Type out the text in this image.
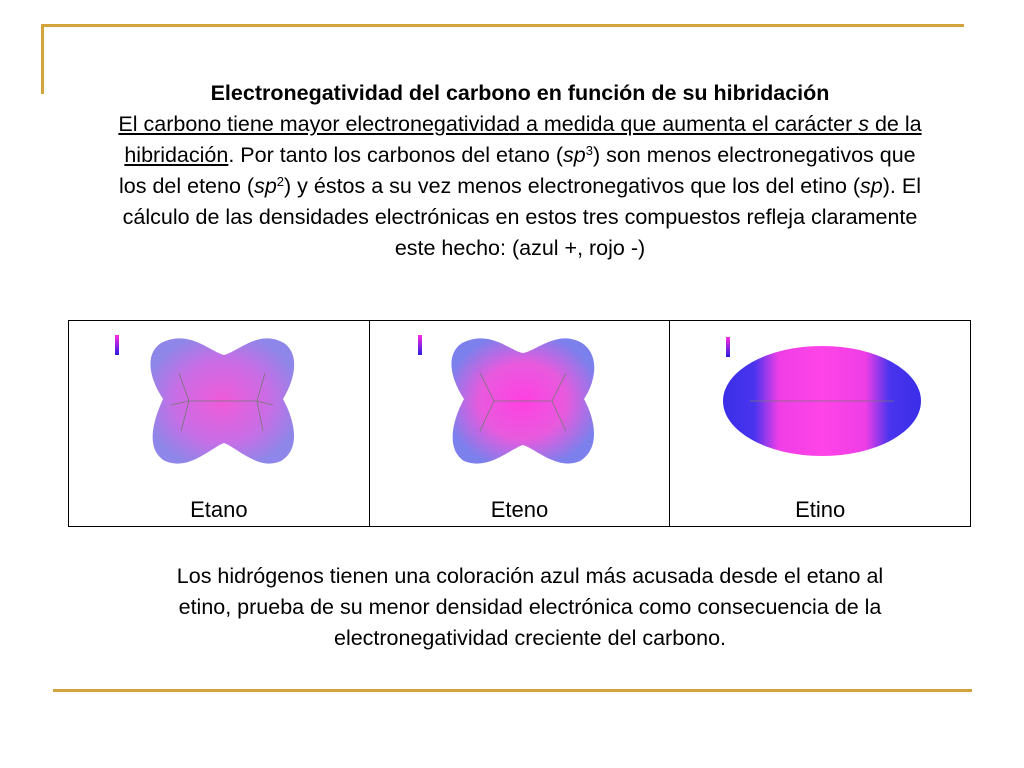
Electronegatividad del carbono en función de su hibridación
El carbono tiene mayor electronegatividad a medida que aumenta el carácter s de la hibridación. Por tanto los carbonos del etano $(sp^3)$ son menos electronegativos que los del eteno $(sp^2)$ y éstos a su vez menos electronegativos que los del etino (sp). El cálculo de las densidades electrónicas en estos tres compuestos refleja claramente este hecho: (azul +, rojo -)
Etano	Eteno	Etino
Los hidrógenos tienen una coloración azul más acusada desde el etano al etino, prueba de su menor densidad electrónica como consecuencia de la electronegatividad creciente del carbono.
